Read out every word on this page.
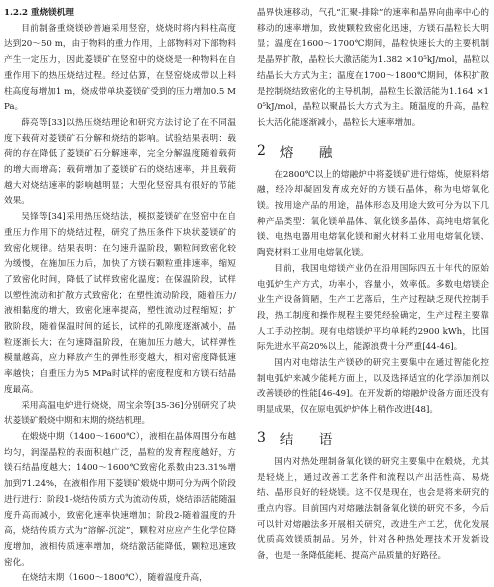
1.2.2 重烧镁机理

目前制备重烧镁砂普遍采用竖窑，烧烧时将内料柱高度达到20～50 m，由于物料的重力作用，上部物料对下部物料产生一定压力，因此菱镁矿在竖窑中的烧烧是一种物料在自重作用下的热压烧结过程。经过估算，在竖窑烧成带以上料柱高度每增加1 m，烧成带单块菱镁矿受到的压力增加0.5 MPa。

薛亮等[33]以热压烧结理论和研究方法讨论了在不同温度下载荷对菱镁矿石分解和烧结的影响。试验结果表明：载荷的存在降低了菱镁矿石分解速率，完全分解温度随着载荷的增大而增高；载荷增加了菱镁矿石的烧结速率，并且载荷越大对烧结速率的影响越明显；大型化竖窑具有很好的节能效果。

吴锋等[34]采用热压烧结法，模拟菱镁矿在竖窑中在自重压力作用下的烧结过程，研究了热压条件下块状菱镁矿的致密化规律。结果表明：在匀速升温阶段，颗粒间致密化较为缓慢，在施加压力后，加快了方镁石颗粒重排速率，缩短了致密化时间，降低了试样致密化温度；在保温阶段，试样以塑性流动和扩散方式致密化；在塑性流动阶段，随着压力/液相黏度的增大，致密化速率提高，塑性流动过程缩短；扩散阶段，随着保温时间的延长，试样的孔隙度逐渐减小，晶粒逐渐长大；在匀速降温阶段，在施加压力越大，试样弹性模量越高，应力释放产生的弹性形变越大，相对密度降低速率越快；自重压力为5 MPa时试样的密度程度和方镁石结晶度最高。

采用高温电炉进行烧烧，周宝余等[35-36]分别研究了块状菱镁矿煅烧中期和末期的烧结机理。

在煅烧中期（1400～1600℃），液相在晶体周围分布越均匀，润湿晶粒的表面积越广泛，晶粒的发育程度越好，方镁石结晶度越大；1400～1600℃致密化系数由23.31%增加到71.24%，在液相作用下菱镁矿煅烧中期可分为两个阶段进行进行：阶段1-烧结传质方式为流动传质，烧结添活能随温度升高而减小，致密化速率快速增加；阶段2-随着温度的升高，烧结传质方式为“溶解-沉淀”，颗粒对应应产生化学位降度增加，液相传质速率增加，烧结激活能降低，颗粒迅速致密化。

在烧结末期（1600～1800℃），随着温度升高，

晶界快速移动，气孔“汇聚-排除”的速率和晶界向曲率中心的移动的速率增加，致使颗粒致密化迅速，方镁石晶粒长大明显；温度在1600～1700℃期间，晶粒快速长大的主要机制是晶界扩散，晶粒长大激活能为1.382 ×10⁵kJ/mol，晶粒以结晶长大方式为主；温度在1700～1800℃期间，体积扩散是控制烧结致密化的主导机制，晶粒生长激活能为1.164 ×10⁵kJ/mol，晶粒以聚晶长大方式为主。随温度的升高，晶粒长大活化能逐渐减小，晶粒长大速率增加。

2 熔　融

在2800℃以上的熔融炉中将菱镁矿进行熔炼，使原料熔融，经冷却凝固发育成充好的方镁石晶体，称为电熔氧化镁。按用途产品的用途，晶体形态及用途大致可分为以下几种产品类型：氧化镁单晶体、氧化镁多晶体、高纯电熔氧化镁、电热电器用电熔氧化镁和耐火材料工业用电熔氧化镁、陶瓷材料工业用电熔氧化镁。

目前，我国电熔镁产业仍在沿用国际四五十年代的原始电弧炉生产方式，功率小，容量小，效率低。多数电熔镁企业生产设备简陋，生产工艺落后，生产过程缺乏现代控制手段，热工制度和操作规程主要凭经验确定，生产过程主要靠人工手动控制。现有电熔镁炉平均单耗约2900 kWh，比国际先进水平高20%以上，能源浪费十分严重[44-46]。

国内对电熔法生产镁砂的研究主要集中在通过智能化控制电弧炉来减少能耗方面上，以及选择适宜的化学添加剂以改善镁砂的性能[46-49]。在开发新的熔融炉设备方面还没有明显成果，仅在原电弧炉炉体上稍作改进[48]。

3 结　语

国内对热处理制备氧化镁的研究主要集中在煅烧，尤其是轻烧上，通过改善工艺条件和流程以产出活性高、易烧结、晶形良好的轻烧镁。这不仅是现在，也会是将来研究的重点内容。目前国内对熔融法制备氧化镁的研究不多，今后可以针对熔融法多开展相关研究，改进生产工艺，优化发展优质高效镁质制品。另外，针对各种热处理技术开发新设备，也是一条降低能耗、提高产品质量的好路径。
